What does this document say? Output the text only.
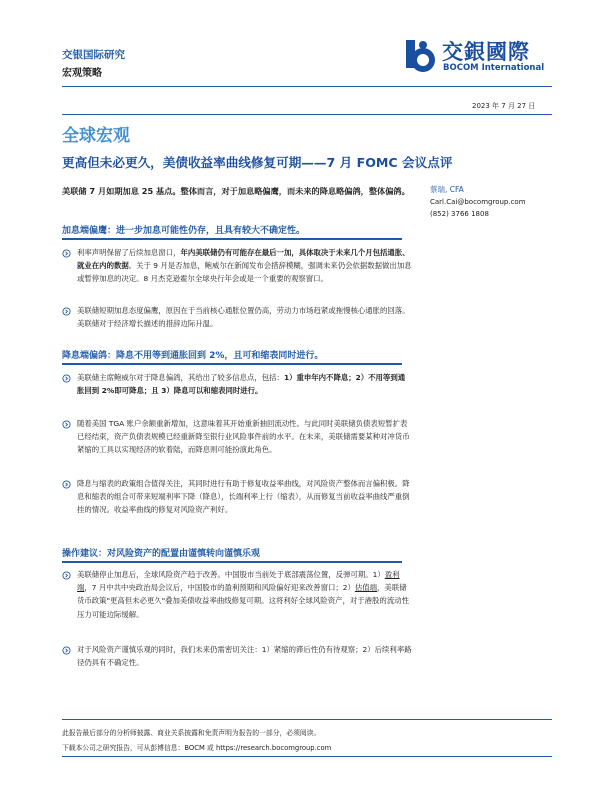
交银国际研究
宏观策略
交銀國際
BOCOM International
2023 年 7 月 27 日
全球宏观
更高但未必更久，美债收益率曲线修复可期——7 月 FOMC 会议点评
美联储 7 月如期加息 25 基点。整体而言，对于加息略偏鹰，而未来的降息略偏鸽，整体偏鸽。	蔡瑞, CFA
Carl.Cai@bocomgroup.com
(852) 3766 1808
加息端偏鹰：进一步加息可能性仍存，且具有较大不确定性。
利率声明保留了后续加息窗口，年内美联储仍有可能存在最后一加，具体取决于未来几个月包括通胀、就业在内的数据。关于 9 月是否加息，鲍威尔在新闻发布会措辞模糊，强调未来仍会依据数据做出加息或暂停加息的决定。8 月杰克逊霍尔全球央行年会或是一个重要的观察窗口。
美联储短期加息态度偏鹰，原因在于当前核心通胀位置仍高，劳动力市场趋紧或拖慢核心通胀的回落。美联储对于经济增长描述的措辞边际升温。
降息端偏鸽：降息不用等到通胀回到 2%，且可和缩表同时进行。
美联储主席鲍威尔对于降息偏鸽，其给出了较多信息点，包括：1）重申年内不降息；2）不用等到通胀回到 2%即可降息；且 3）降息可以和缩表同时进行。
随着美国 TGA 账户余额重新增加，这意味着其开始重新抽回流动性。与此同时美联储负债表短暂扩表已经结束，资产负债表规模已经重新降至银行业风险事件前的水平。在未来，美联储需要某种对冲货币紧缩的工具以实现经济的软着陆，而降息则可能扮演此角色。
降息与缩表的政策组合值得关注，其同时进行有助于修复收益率曲线，对风险资产整体而言偏积极。降息和缩表的组合可带来短端利率下降（降息），长端利率上行（缩表），从而修复当前收益率曲线严重倒挂的情况。收益率曲线的修复对风险资产利好。
操作建议：对风险资产的配置由谨慎转向谨慎乐观
美联储停止加息后，全球风险资产趋于改善。中国股市当前处于底部震荡位置，反弹可期。1）盈利端，7 月中共中央政治局会议后，中国股市的盈利预期和风险偏好迎来改善窗口；2）估值端，美联储货币政策"更高但未必更久"叠加美债收益率曲线修复可期。这将利好全球风险资产，对于港股的流动性压力可能边际缓解。
对于风险资产谨慎乐观的同时，我们未来仍需密切关注：1）紧缩的滞后性仍有待观察；2）后续利率路径仍具有不确定性。
此报告最后部分的分析师披露、商业关系披露和免责声明为报告的一部分，必须阅读。
下载本公司之研究报告，可从彭博信息：BOCM 或 https://research.bocomgroup.com
